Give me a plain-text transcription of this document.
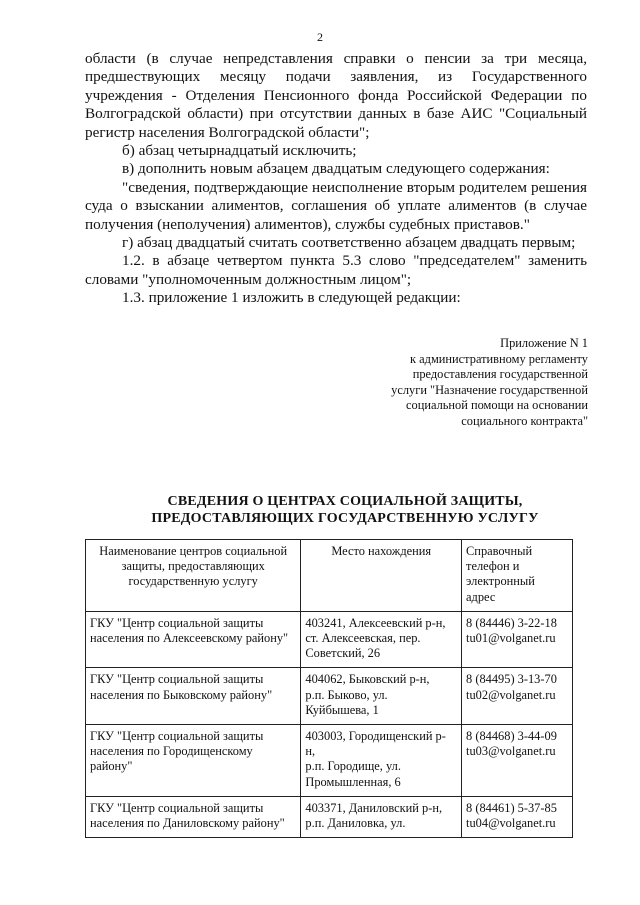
2

области (в случае непредставления справки о пенсии за три месяца, предшествующих месяцу подачи заявления, из Государственного учреждения - Отделения Пенсионного фонда Российской Федерации по Волгоградской области) при отсутствии данных в базе АИС "Социальный регистр населения Волгоградской области";

б) абзац четырнадцатый исключить;

в) дополнить новым абзацем двадцатым следующего содержания:

"сведения, подтверждающие неисполнение вторым родителем решения суда о взыскании алиментов, соглашения об уплате алиментов (в случае получения (неполучения) алиментов), службы судебных приставов."

г) абзац двадцатый считать соответственно абзацем двадцать первым;

1.2. в абзаце четвертом пункта 5.3 слово "председателем" заменить словами "уполномоченным должностным лицом";

1.3. приложение 1 изложить в следующей редакции:

Приложение N 1
к административному регламенту
предоставления государственной
услуги "Назначение государственной
социальной помощи на основании
социального контракта"
СВЕДЕНИЯ О ЦЕНТРАХ СОЦИАЛЬНОЙ ЗАЩИТЫ,
ПРЕДОСТАВЛЯЮЩИХ ГОСУДАРСТВЕННУЮ УСЛУГУ
Наименование центров социальной
защиты, предоставляющих
государственную услугу	Место нахождения	Справочный
телефон и
электронный
адрес

ГКУ "Центр социальной защиты
населения по Алексеевскому району"	403241, Алексеевский р-н,
ст. Алексеевская, пер.
Советский, 26	8 (84446) 3-22-18
tu01@volganet.ru

ГКУ "Центр социальной защиты
населения по Быковскому району"	404062, Быковский р-н,
р.п. Быково, ул.
Куйбышева, 1	8 (84495) 3-13-70
tu02@volganet.ru

ГКУ "Центр социальной защиты
населения по Городищенскому
району"	403003, Городищенский р-
н,
р.п. Городище, ул.
Промышленная, 6	8 (84468) 3-44-09
tu03@volganet.ru

ГКУ "Центр социальной защиты
населения по Даниловскому району"	403371, Даниловский р-н,
р.п. Даниловка, ул.	8 (84461) 5-37-85
tu04@volganet.ru
